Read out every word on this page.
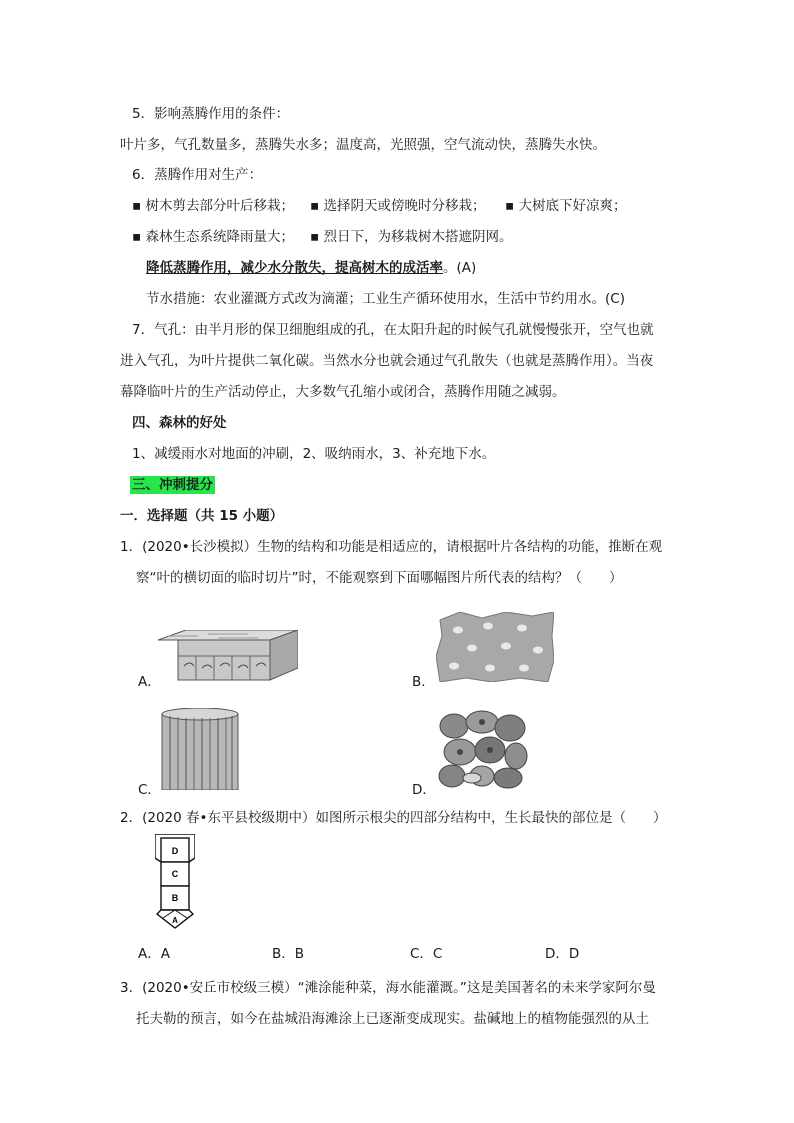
5．影响蒸腾作用的条件：
叶片多，气孔数量多，蒸腾失水多；温度高，光照强，空气流动快，蒸腾失水快。
6．蒸腾作用对生产：
▪ 树木剪去部分叶后移栽； ▪ 选择阴天或傍晚时分移栽； ▪ 大树底下好凉爽；
▪ 森林生态系统降雨量大； ▪ 烈日下，为移栽树木搭遮阴网。
降低蒸腾作用，减少水分散失，提高树木的成活率。(A)
节水措施：农业灌溉方式改为滴灌；工业生产循环使用水，生活中节约用水。(C)
7．气孔：由半月形的保卫细胞组成的孔，在太阳升起的时候气孔就慢慢张开，空气也就
进入气孔，为叶片提供二氧化碳。当然水分也就会通过气孔散失（也就是蒸腾作用）。当夜
幕降临叶片的生产活动停止，大多数气孔缩小或闭合，蒸腾作用随之减弱。
四、森林的好处
1、减缓雨水对地面的冲刷，2、吸纳雨水，3、补充地下水。
三、冲刺提分
一．选择题（共 15 小题）
1．(2020•长沙模拟）生物的结构和功能是相适应的，请根据叶片各结构的功能，推断在观
察“叶的横切面的临时切片”时，不能观察到下面哪幅图片所代表的结构？（　　）
A．	B．
C．	D．
2．(2020 春•东平县校级期中）如图所示根尖的四部分结构中，生长最快的部位是（　　）
D
C
B
A
A．A	B．B	C．C	D．D
3．(2020•安丘市校级三模）“滩涂能种菜，海水能灌溉。”这是美国著名的未来学家阿尔曼
托夫勒的预言，如今在盐城沿海滩涂上已逐渐变成现实。盐碱地上的植物能强烈的从土
